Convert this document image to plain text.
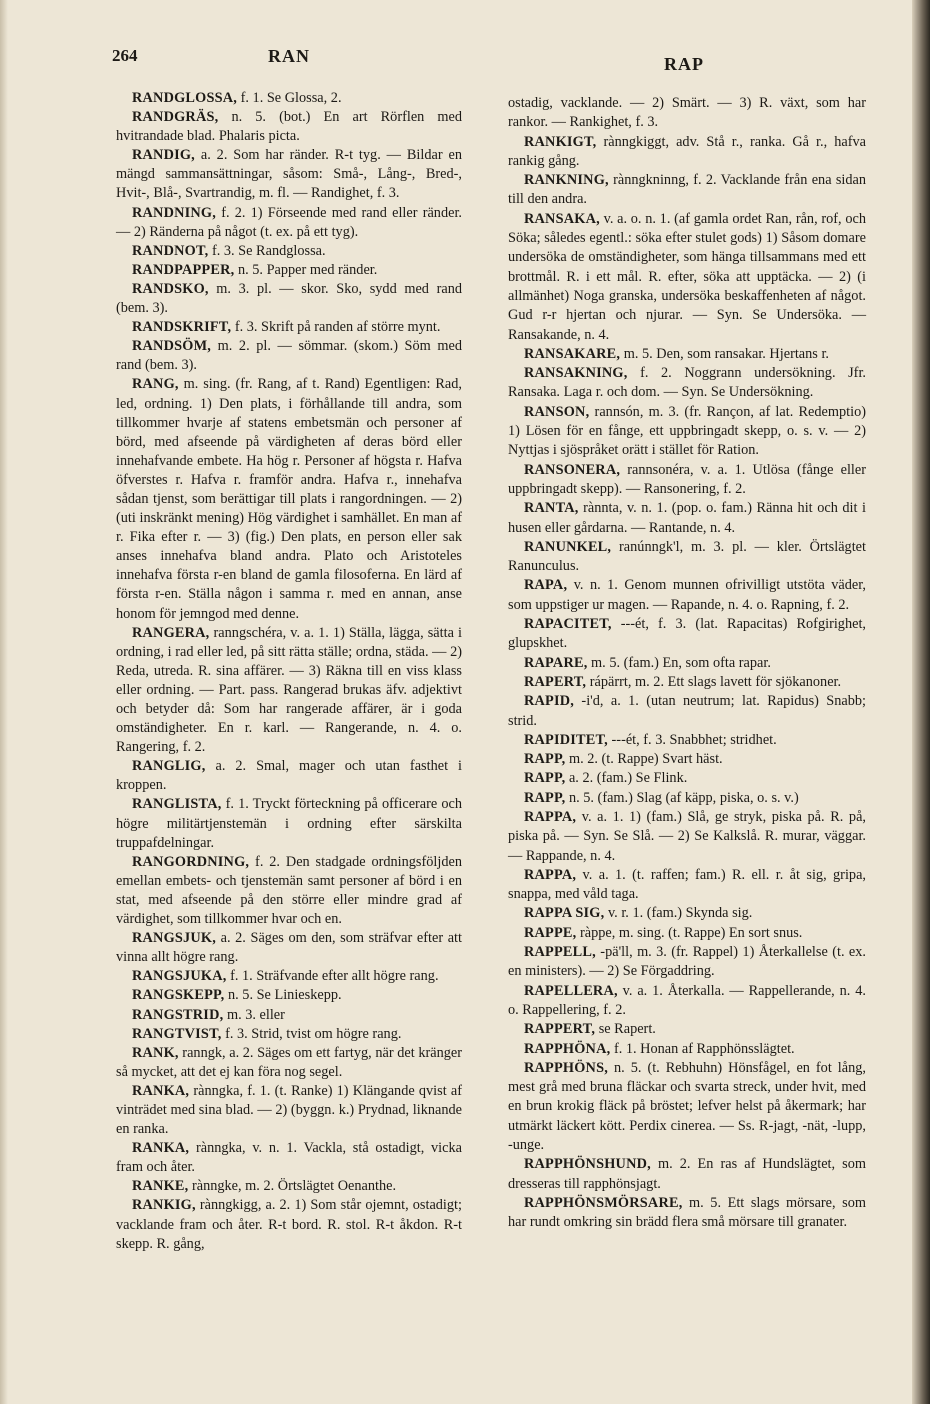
264	RAN	RAP

RANDGLOSSA, f. 1. Se Glossa, 2.

RANDGRÄS, n. 5. (bot.) En art Rörflen med hvitrandade blad. Phalaris picta.

RANDIG, a. 2. Som har ränder. R-t tyg. — Bildar en mängd sammansättningar, såsom: Små-, Lång-, Bred-, Hvit-, Blå-, Svartrandig, m. fl. — Randighet, f. 3.

RANDNING, f. 2. 1) Förseende med rand eller ränder. — 2) Ränderna på något (t. ex. på ett tyg).

RANDNOT, f. 3. Se Randglossa.

RANDPAPPER, n. 5. Papper med ränder.

RANDSKO, m. 3. pl. — skor. Sko, sydd med rand (bem. 3).

RANDSKRIFT, f. 3. Skrift på randen af större mynt.

RANDSÖM, m. 2. pl. — sömmar. (skom.) Söm med rand (bem. 3).

RANG, m. sing. (fr. Rang, af t. Rand) Egentligen: Rad, led, ordning. 1) Den plats, i förhållande till andra, som tillkommer hvarje af statens embetsmän och personer af börd, med afseende på värdigheten af deras börd eller innehafvande embete. Ha hög r. Personer af högsta r. Hafva öfverstes r. Hafva r. framför andra. Hafva r., innehafva sådan tjenst, som berättigar till plats i rangordningen. — 2) (uti inskränkt mening) Hög värdighet i samhället. En man af r. Fika efter r. — 3) (fig.) Den plats, en person eller sak anses innehafva bland andra. Plato och Aristoteles innehafva första r-en bland de gamla filosoferna. En lärd af första r-en. Ställa någon i samma r. med en annan, anse honom för jemngod med denne.

RANGERA, ranngschéra, v. a. 1. 1) Ställa, lägga, sätta i ordning, i rad eller led, på sitt rätta ställe; ordna, städa. — 2) Reda, utreda. R. sina affärer. — 3) Räkna till en viss klass eller ordning. — Part. pass. Rangerad brukas äfv. adjektivt och betyder då: Som har rangerade affärer, är i goda omständigheter. En r. karl. — Rangerande, n. 4. o. Rangering, f. 2.

RANGLIG, a. 2. Smal, mager och utan fasthet i kroppen.

RANGLISTA, f. 1. Tryckt förteckning på officerare och högre militärtjenstemän i ordning efter särskilta truppafdelningar.

RANGORDNING, f. 2. Den stadgade ordningsföljden emellan embets- och tjenstemän samt personer af börd i en stat, med afseende på den större eller mindre grad af värdighet, som tillkommer hvar och en.

RANGSJUK, a. 2. Säges om den, som sträfvar efter att vinna allt högre rang.

RANGSJUKA, f. 1. Sträfvande efter allt högre rang.

RANGSKEPP, n. 5. Se Linieskepp.

RANGSTRID, m. 3. eller

RANGTVIST, f. 3. Strid, tvist om högre rang.

RANK, ranngk, a. 2. Säges om ett fartyg, när det kränger så mycket, att det ej kan föra nog segel.

RANKA, rànngka, f. 1. (t. Ranke) 1) Klängande qvist af vinträdet med sina blad. — 2) (byggn. k.) Prydnad, liknande en ranka.

RANKA, rànngka, v. n. 1. Vackla, stå ostadigt, vicka fram och åter.

RANKE, rànngke, m. 2. Örtslägtet Oenanthe.

RANKIG, rànngkigg, a. 2. 1) Som står ojemnt, ostadigt; vacklande fram och åter. R-t bord. R. stol. R-t åkdon. R-t skepp. R. gång,

ostadig, vacklande. — 2) Smärt. — 3) R. växt, som har rankor. — Rankighet, f. 3.

RANKIGT, rànngkiggt, adv. Stå r., ranka. Gå r., hafva rankig gång.

RANKNING, rànngkninng, f. 2. Vacklande från ena sidan till den andra.

RANSAKA, v. a. o. n. 1. (af gamla ordet Ran, rån, rof, och Söka; således egentl.: söka efter stulet gods) 1) Såsom domare undersöka de omständigheter, som hänga tillsammans med ett brottmål. R. i ett mål. R. efter, söka att upptäcka. — 2) (i allmänhet) Noga granska, undersöka beskaffenheten af något. Gud r-r hjertan och njurar. — Syn. Se Undersöka. — Ransakande, n. 4.

RANSAKARE, m. 5. Den, som ransakar. Hjertans r.

RANSAKNING, f. 2. Noggrann undersökning. Jfr. Ransaka. Laga r. och dom. — Syn. Se Undersökning.

RANSON, rannsón, m. 3. (fr. Rançon, af lat. Redemptio) 1) Lösen för en fånge, ett uppbringadt skepp, o. s. v. — 2) Nyttjas i sjöspråket orätt i stället för Ration.

RANSONERA, rannsonéra, v. a. 1. Utlösa (fånge eller uppbringadt skepp). — Ransonering, f. 2.

RANTA, rànnta, v. n. 1. (pop. o. fam.) Ränna hit och dit i husen eller gårdarna. — Rantande, n. 4.

RANUNKEL, ranúnngk'l, m. 3. pl. — kler. Örtslägtet Ranunculus.

RAPA, v. n. 1. Genom munnen ofrivilligt utstöta väder, som uppstiger ur magen. — Rapande, n. 4. o. Rapning, f. 2.

RAPACITET, ---ét, f. 3. (lat. Rapacitas) Rofgirighet, glupskhet.

RAPARE, m. 5. (fam.) En, som ofta rapar.

RAPERT, rápärrt, m. 2. Ett slags lavett för sjökanoner.

RAPID, -i'd, a. 1. (utan neutrum; lat. Rapidus) Snabb; strid.

RAPIDITET, ---ét, f. 3. Snabbhet; stridhet.

RAPP, m. 2. (t. Rappe) Svart häst.

RAPP, a. 2. (fam.) Se Flink.

RAPP, n. 5. (fam.) Slag (af käpp, piska, o. s. v.)

RAPPA, v. a. 1. 1) (fam.) Slå, ge stryk, piska på. R. på, piska på. — Syn. Se Slå. — 2) Se Kalkslå. R. murar, väggar. — Rappande, n. 4.

RAPPA, v. a. 1. (t. raffen; fam.) R. ell. r. åt sig, gripa, snappa, med våld taga.

RAPPA SIG, v. r. 1. (fam.) Skynda sig.

RAPPE, ràppe, m. sing. (t. Rappe) En sort snus.

RAPPELL, -pä'll, m. 3. (fr. Rappel) 1) Återkallelse (t. ex. en ministers). — 2) Se Förgaddring.

RAPELLERA, v. a. 1. Återkalla. — Rappellerande, n. 4. o. Rappellering, f. 2.

RAPPERT, se Rapert.

RAPPHÖNA, f. 1. Honan af Rapphönsslägtet.

RAPPHÖNS, n. 5. (t. Rebhuhn) Hönsfågel, en fot lång, mest grå med bruna fläckar och svarta streck, under hvit, med en brun krokig fläck på bröstet; lefver helst på åkermark; har utmärkt läckert kött. Perdix cinerea. — Ss. R-jagt, -nät, -lupp, -unge.

RAPPHÖNSHUND, m. 2. En ras af Hundslägtet, som dresseras till rapphönsjagt.

RAPPHÖNSMÖRSARE, m. 5. Ett slags mörsare, som har rundt omkring sin brädd flera små mörsare till granater.
